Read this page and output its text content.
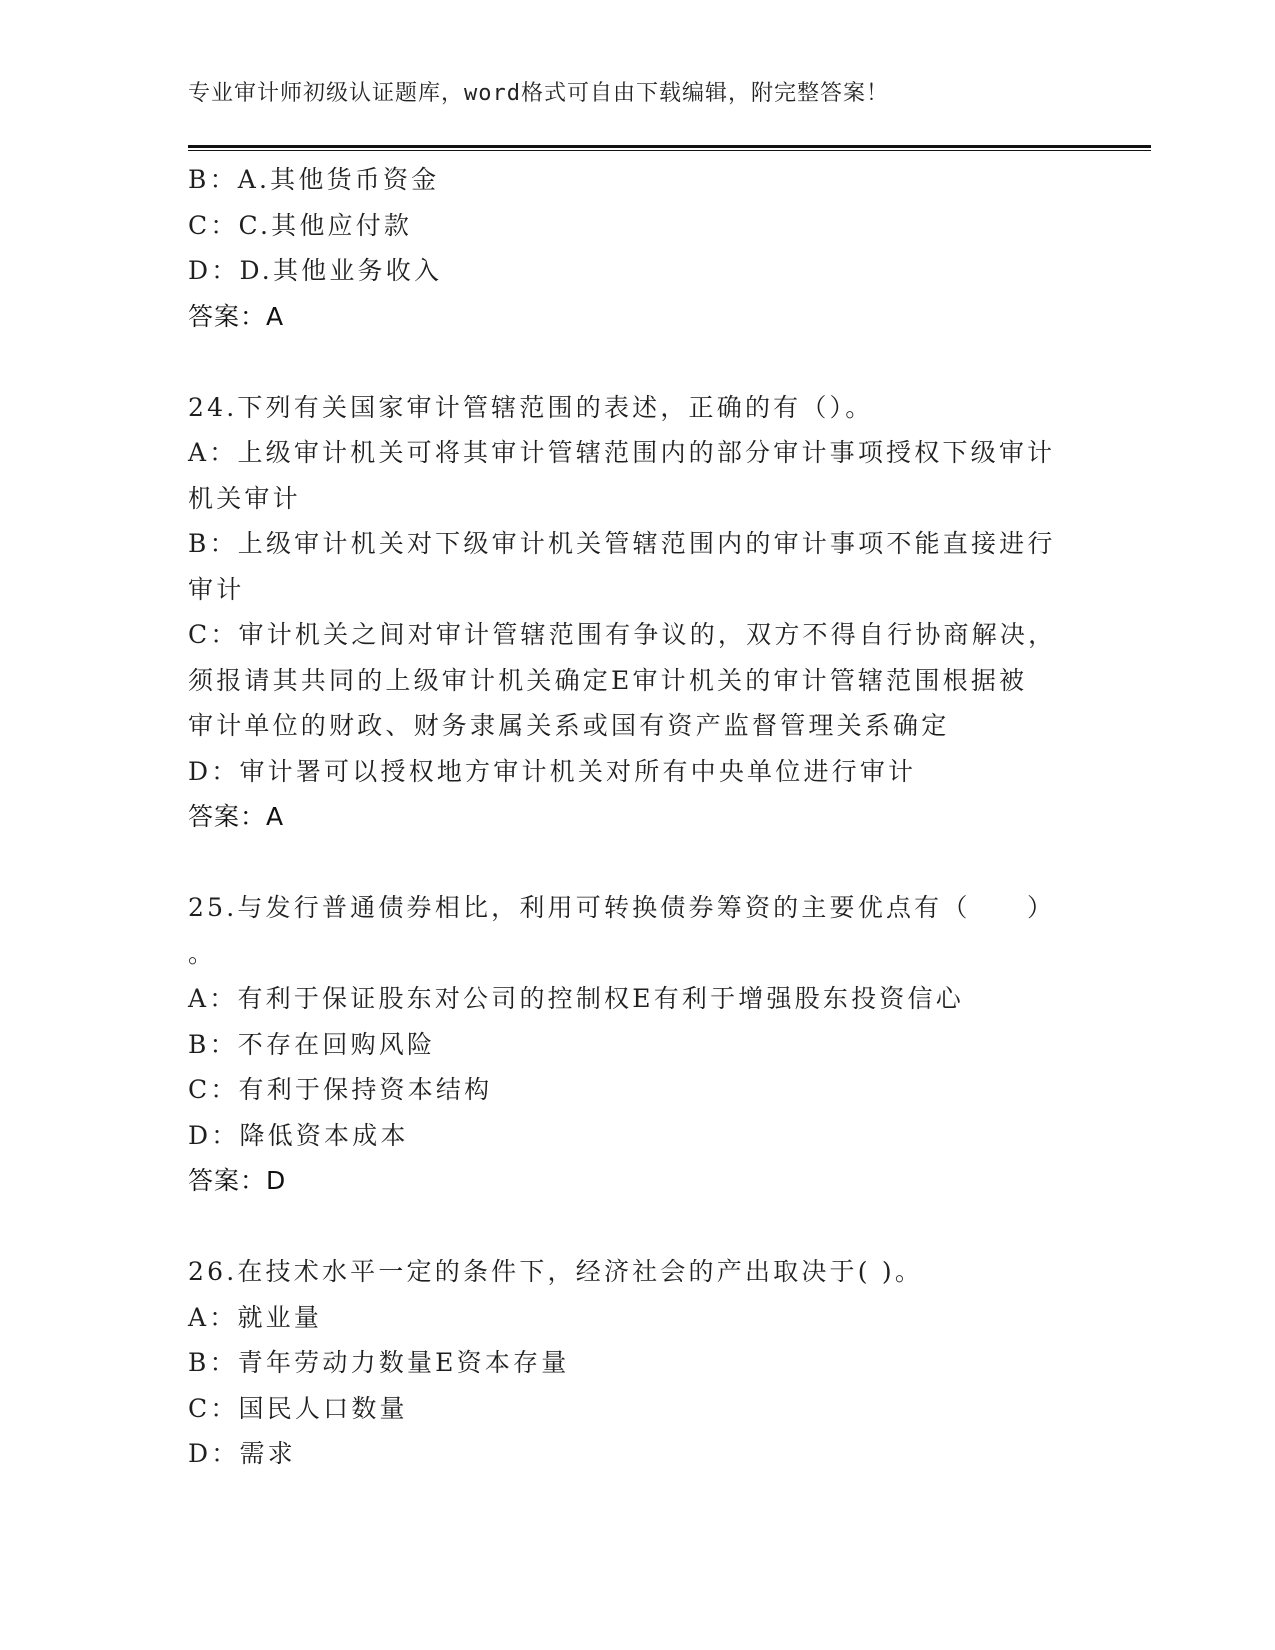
专业审计师初级认证题库，word格式可自由下载编辑，附完整答案！
B：A.其他货币资金
C：C.其他应付款
D：D.其他业务收入
答案：A
24.下列有关国家审计管辖范围的表述，正确的有（）。
A：上级审计机关可将其审计管辖范围内的部分审计事项授权下级审计
机关审计
B：上级审计机关对下级审计机关管辖范围内的审计事项不能直接进行
审计
C：审计机关之间对审计管辖范围有争议的，双方不得自行协商解决，
须报请其共同的上级审计机关确定E审计机关的审计管辖范围根据被
审计单位的财政、财务隶属关系或国有资产监督管理关系确定
D：审计署可以授权地方审计机关对所有中央单位进行审计
答案：A
25.与发行普通债券相比，利用可转换债券筹资的主要优点有（　　）
。
A：有利于保证股东对公司的控制权E有利于增强股东投资信心
B：不存在回购风险
C：有利于保持资本结构
D：降低资本成本
答案：D
26.在技术水平一定的条件下，经济社会的产出取决于( )。
A：就业量
B：青年劳动力数量E资本存量
C：国民人口数量
D：需求
